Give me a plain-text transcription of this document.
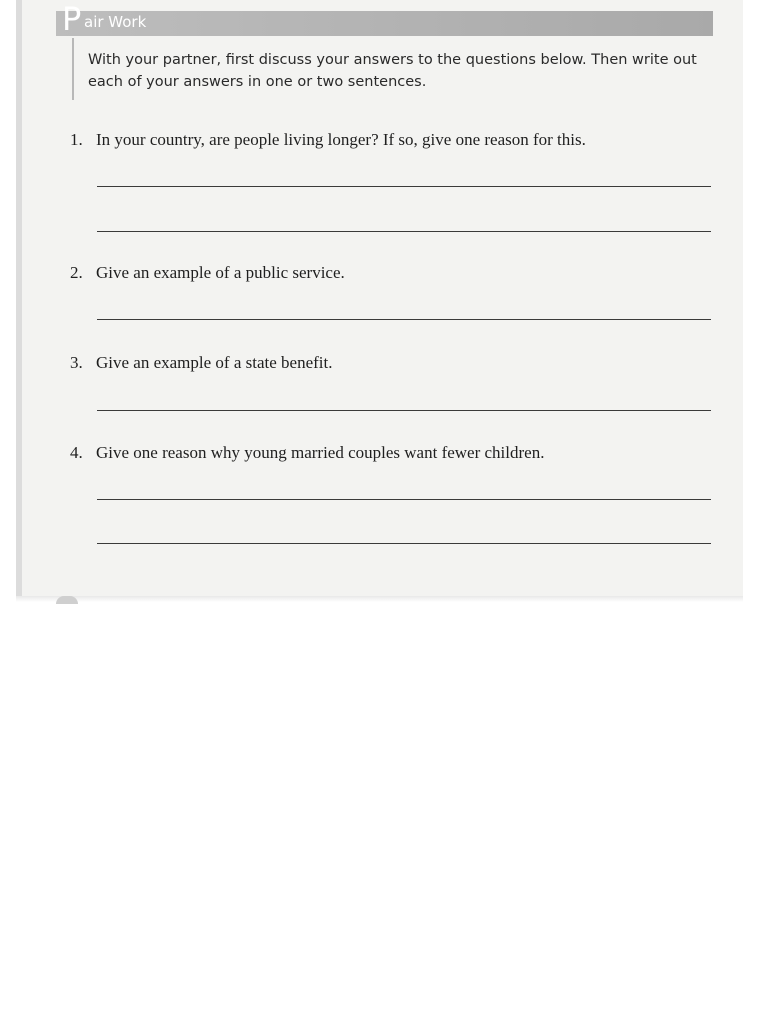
P air Work

With your partner, first discuss your answers to the questions below. Then write out each of your answers in one or two sentences.

1. In your country, are people living longer? If so, give one reason for this.
2. Give an example of a public service.
3. Give an example of a state benefit.
4. Give one reason why young married couples want fewer children.
